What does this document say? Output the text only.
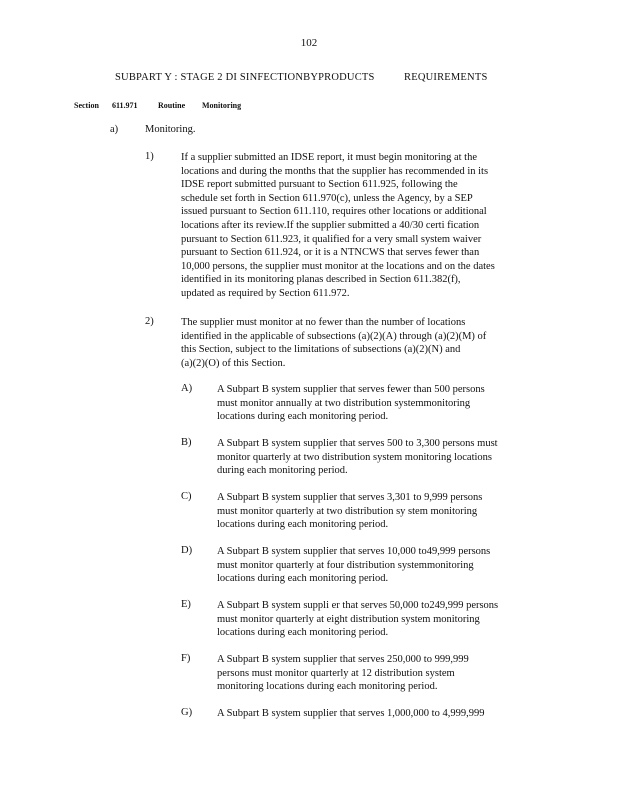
102
SUBPART Y : STAGE 2 DI SINFECTIONBYPRODUCTS	REQUIREMENTS
Section 611.971	Routine Monitoring
a)	Monitoring.
1)	If a supplier submitted an IDSE report, it must begin monitoring at the
locations and during the months that the supplier has recommended in its
IDSE report submitted pursuant to Section 611.925, following the
schedule set forth in Section 611.970(c), unless the Agency, by a SEP
issued pursuant to Section 611.110, requires other locations or additional
locations after its review.If the supplier submitted a 40/30 certi fication
pursuant to Section 611.923, it qualified for a very small system waiver
pursuant to Section 611.924, or it is a NTNCWS that serves fewer than
10,000 persons, the supplier must monitor at the locations and on the dates
identified in its monitoring planas described in Section 611.382(f),
updated as required by Section 611.972.
2)	The supplier must monitor at no fewer than the number of locations
identified in the applicable of subsections (a)(2)(A) through (a)(2)(M) of
this Section, subject to the limitations of subsections (a)(2)(N) and
(a)(2)(O) of this Section.
A) A Subpart B system supplier that serves fewer than 500 persons
must monitor annually at two distribution systemmonitoring
locations during each monitoring period.
B) A Subpart B system supplier that serves 500 to 3,300 persons must
monitor quarterly at two distribution system monitoring locations
during each monitoring period.
C) A Subpart B system supplier that serves 3,301 to 9,999 persons
must monitor quarterly at two distribution sy stem monitoring
locations during each monitoring period.
D) A Subpart B system supplier that serves 10,000 to49,999 persons
must monitor quarterly at four distribution systemmonitoring
locations during each monitoring period.
E) A Subpart B system suppli er that serves 50,000 to249,999 persons
must monitor quarterly at eight distribution system monitoring
locations during each monitoring period.
F)	A Subpart B system supplier that serves 250,000 to 999,999
persons must monitor quarterly at 12 distribution system
monitoring locations during each monitoring period.
G) A Subpart B system supplier that serves 1,000,000 to 4,999,999
